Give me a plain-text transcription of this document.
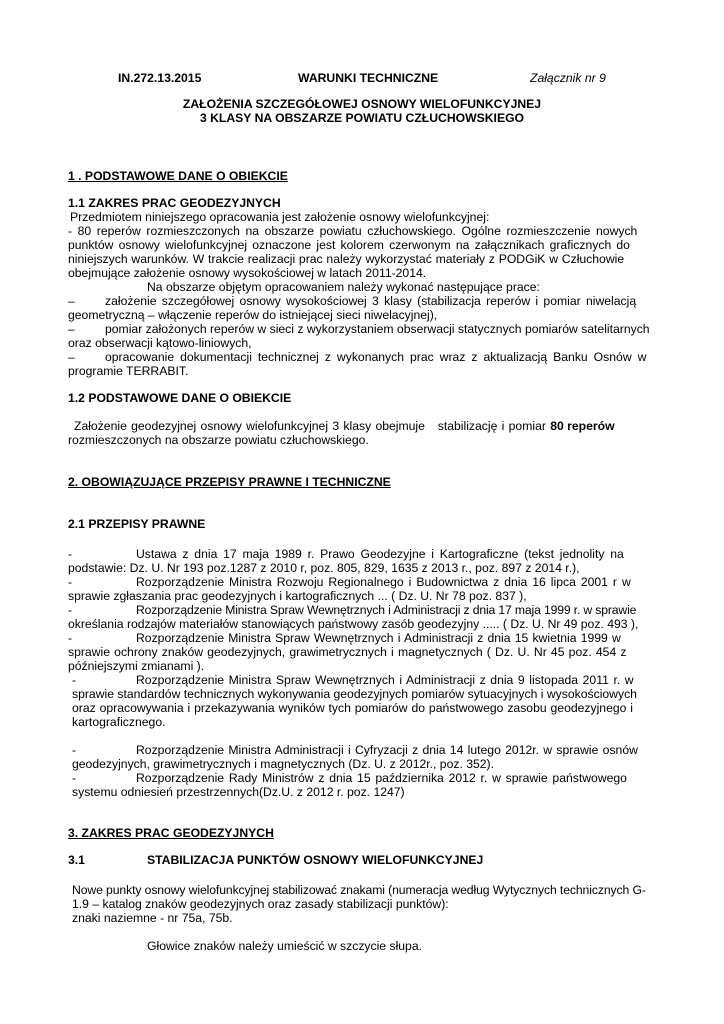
IN.272.13.2015	WARUNKI TECHNICZNE	Załącznik nr 9
ZAŁOŻENIA SZCZEGÓŁOWEJ OSNOWY WIELOFUNKCYJNEJ
3 KLASY NA OBSZARZE POWIATU CZŁUCHOWSKIEGO
1 . PODSTAWOWE DANE O OBIEKCIE
1.1 ZAKRES PRAC GEODEZYJNYCH
Przedmiotem niniejszego opracowania jest założenie osnowy wielofunkcyjnej:
- 80 reperów rozmieszczonych na obszarze powiatu człuchowskiego. Ogólne rozmieszczenie nowych
punktów osnowy wielofunkcyjnej oznaczone jest kolorem czerwonym na załącznikach graficznych do
niniejszych warunków. W trakcie realizacji prac należy wykorzystać materiały z PODGiK w Człuchowie
obejmujące założenie osnowy wysokościowej w latach 2011-2014.
Na obszarze objętym opracowaniem należy wykonać następujące prace:
– założenie szczegółowej osnowy wysokościowej 3 klasy (stabilizacja reperów i pomiar niwelacją
geometryczną – włączenie reperów do istniejącej sieci niwelacyjnej),
– pomiar założonych reperów w sieci z wykorzystaniem obserwacji statycznych pomiarów satelitarnych
oraz obserwacji kątowo-liniowych,
– opracowanie dokumentacji technicznej z wykonanych prac wraz z aktualizacją Banku Osnów w
programie TERRABIT.
1.2 PODSTAWOWE DANE O OBIEKCIE
Założenie geodezyjnej osnowy wielofunkcyjnej 3 klasy obejmuje   stabilizację i pomiar 80 reperów
rozmieszczonych na obszarze powiatu człuchowskiego.
2. OBOWIĄZUJĄCE PRZEPISY PRAWNE I TECHNICZNE
2.1 PRZEPISY PRAWNE
-	Ustawa z dnia 17 maja 1989 r. Prawo Geodezyjne i Kartograficzne (tekst jednolity na
podstawie: Dz. U. Nr 193 poz.1287 z 2010 r, poz. 805, 829, 1635 z 2013 r., poz. 897 z 2014 r.),
-	Rozporządzenie Ministra Rozwoju Regionalnego i Budownictwa z dnia 16 lipca 2001 r w
sprawie zgłaszania prac geodezyjnych i kartograficznych ... ( Dz. U. Nr 78 poz. 837 ),
-	Rozporządzenie Ministra Spraw Wewnętrznych i Administracji z dnia 17 maja 1999 r. w sprawie
określania rodzajów materiałów stanowiących państwowy zasób geodezyjny ..... ( Dz. U. Nr 49 poz. 493 ),
-	Rozporządzenie Ministra Spraw Wewnętrznych i Administracji z dnia 15 kwietnia 1999 w
sprawie ochrony znaków geodezyjnych, grawimetrycznych i magnetycznych ( Dz. U. Nr 45 poz. 454 z
późniejszymi zmianami ).
-	Rozporządzenie Ministra Spraw Wewnętrznych i Administracji z dnia 9 listopada 2011 r. w
sprawie standardów technicznych wykonywania geodezyjnych pomiarów sytuacyjnych i wysokościowych
oraz opracowywania i przekazywania wyników tych pomiarów do państwowego zasobu geodezyjnego i
kartograficznego.
-	Rozporządzenie Ministra Administracji i Cyfryzacji z dnia 14 lutego 2012r. w sprawie osnów
geodezyjnych, grawimetrycznych i magnetycznych (Dz. U. z 2012r., poz. 352).
-	Rozporządzenie Rady Ministrów z dnia 15 października 2012 r. w sprawie państwowego
systemu odniesień przestrzennych(Dz.U. z 2012 r. poz. 1247)
3. ZAKRES PRAC GEODEZYJNYCH
3.1	STABILIZACJA PUNKTÓW OSNOWY WIELOFUNKCYJNEJ
Nowe punkty osnowy wielofunkcyjnej stabilizować znakami (numeracja według Wytycznych technicznych G-
1.9 – katalog znaków geodezyjnych oraz zasady stabilizacji punktów):
znaki naziemne - nr 75a, 75b.
Głowice znaków należy umieścić w szczycie słupa.
